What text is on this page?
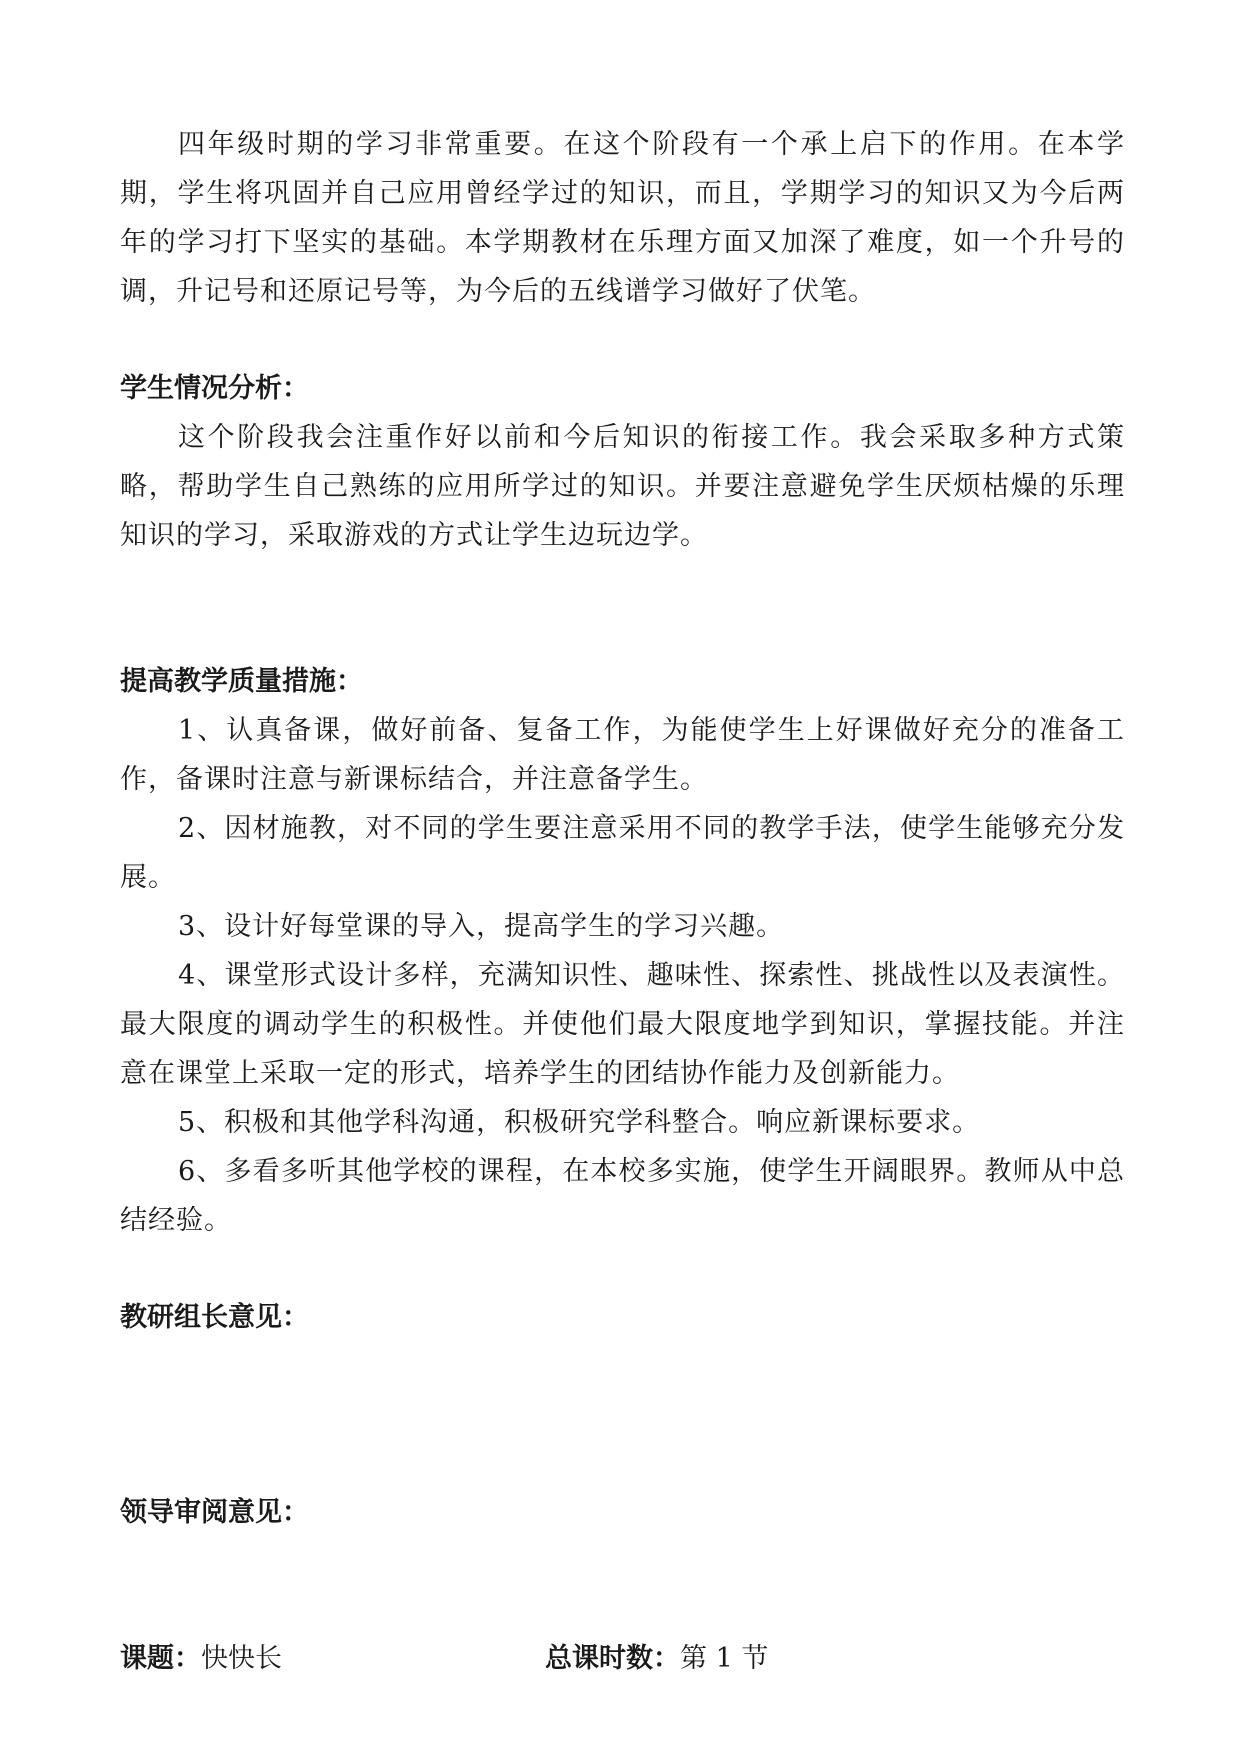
四年级时期的学习非常重要。在这个阶段有一个承上启下的作用。在本学期，学生将巩固并自己应用曾经学过的知识，而且，学期学习的知识又为今后两年的学习打下坚实的基础。本学期教材在乐理方面又加深了难度，如一个升号的调，升记号和还原记号等，为今后的五线谱学习做好了伏笔。

学生情况分析：

这个阶段我会注重作好以前和今后知识的衔接工作。我会采取多种方式策略，帮助学生自己熟练的应用所学过的知识。并要注意避免学生厌烦枯燥的乐理知识的学习，采取游戏的方式让学生边玩边学。

提高教学质量措施：

1、认真备课，做好前备、复备工作，为能使学生上好课做好充分的准备工作，备课时注意与新课标结合，并注意备学生。

2、因材施教，对不同的学生要注意采用不同的教学手法，使学生能够充分发展。

3、设计好每堂课的导入，提高学生的学习兴趣。

4、课堂形式设计多样，充满知识性、趣味性、探索性、挑战性以及表演性。最大限度的调动学生的积极性。并使他们最大限度地学到知识，掌握技能。并注意在课堂上采取一定的形式，培养学生的团结协作能力及创新能力。

5、积极和其他学科沟通，积极研究学科整合。响应新课标要求。

6、多看多听其他学校的课程，在本校多实施，使学生开阔眼界。教师从中总结经验。

教研组长意见：
领导审阅意见：
课题：快快长	总课时数：第 1 节
